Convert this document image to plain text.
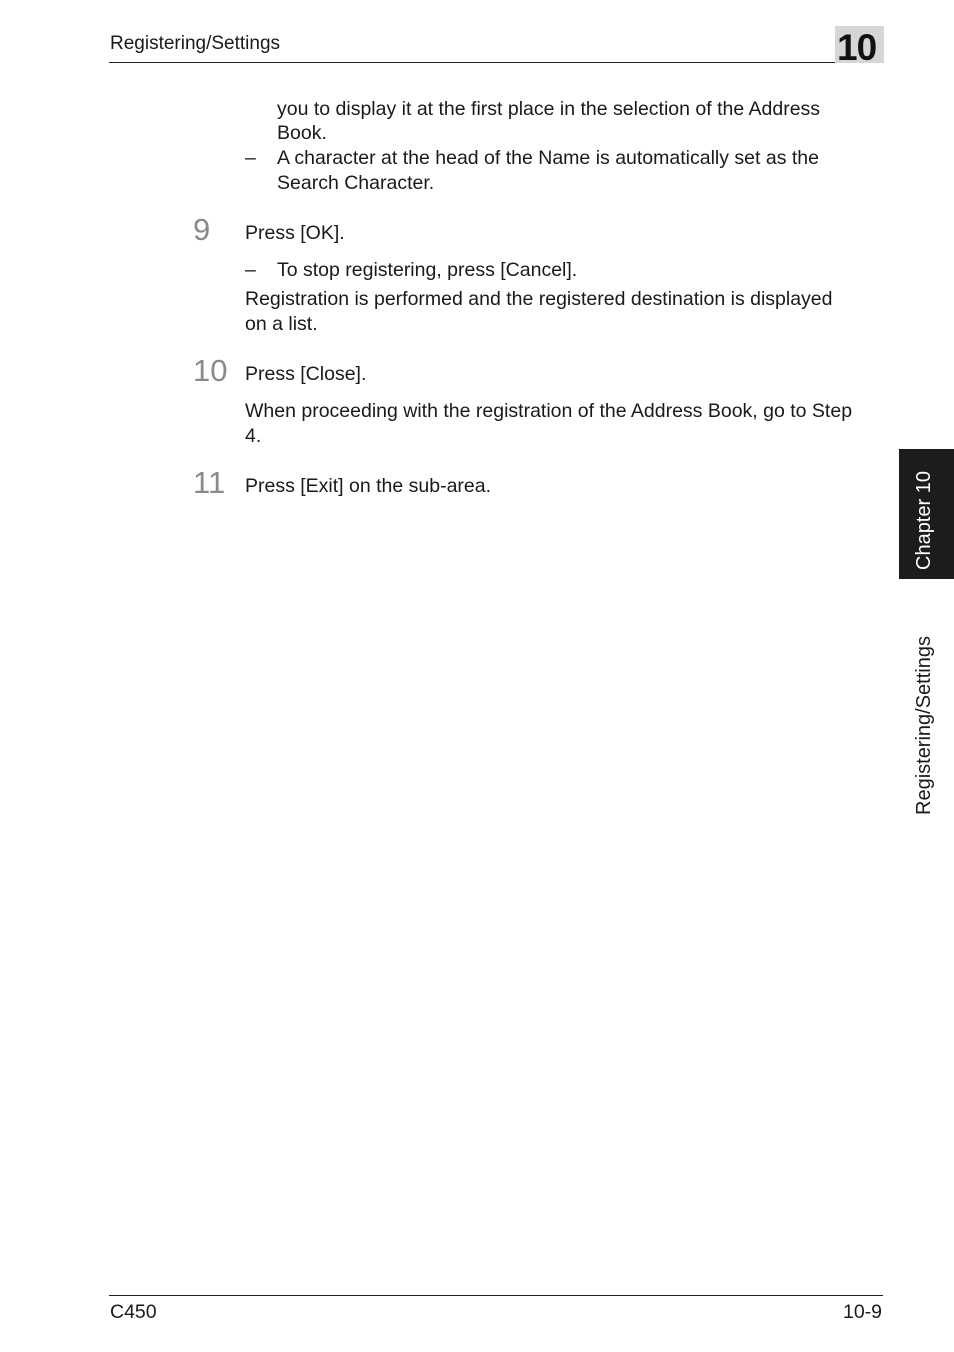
Registering/Settings	10
you to display it at the first place in the selection of the Address
Book.
– A character at the head of the Name is automatically set as the
Search Character.
9 Press [OK].
– To stop registering, press [Cancel].
Registration is performed and the registered destination is displayed
on a list.
10 Press [Close].
When proceeding with the registration of the Address Book, go to Step
4.
11 Press [Exit] on the sub-area.	Chapter 10
Registering/Settings
C450	10-9
